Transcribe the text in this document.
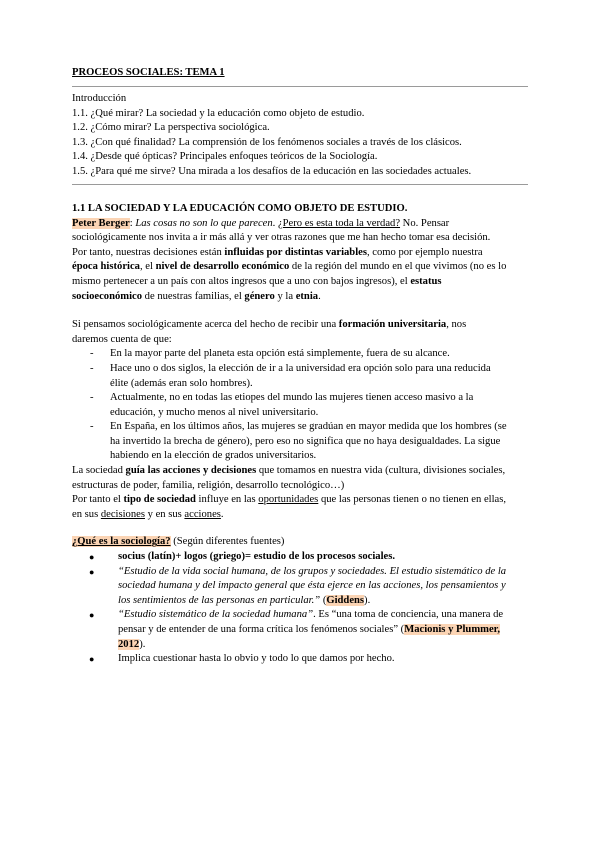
PROCEOS SOCIALES: TEMA 1
Introducción
1.1. ¿Qué mirar? La sociedad y la educación como objeto de estudio.
1.2. ¿Cómo mirar? La perspectiva sociológica.
1.3. ¿Con qué finalidad? La comprensión de los fenómenos sociales a través de los clásicos.
1.4. ¿Desde qué ópticas? Principales enfoques teóricos de la Sociología.
1.5. ¿Para qué me sirve? Una mirada a los desafíos de la educación en las sociedades actuales.
1.1 LA SOCIEDAD Y LA EDUCACIÓN COMO OBJETO DE ESTUDIO.
Peter Berger: Las cosas no son lo que parecen. ¿Pero es esta toda la verdad? No. Pensar
sociológicamente nos invita a ir más allá y ver otras razones que me han hecho tomar esa decisión.
Por tanto, nuestras decisiones están influidas por distintas variables, como por ejemplo nuestra
época histórica, el nivel de desarrollo económico de la región del mundo en el que vivimos (no es lo
mismo pertenecer a un país con altos ingresos que a uno con bajos ingresos), el estatus
socioeconómico de nuestras familias, el género y la etnia.
Si pensamos sociológicamente acerca del hecho de recibir una formación universitaria, nos
daremos cuenta de que:
- En la mayor parte del planeta esta opción está simplemente, fuera de su alcance.
- Hace uno o dos siglos, la elección de ir a la universidad era opción solo para una reducida
élite (además eran solo hombres).
- Actualmente, no en todas las etiopes del mundo las mujeres tienen acceso masivo a la
educación, y mucho menos al nivel universitario.
- En España, en los últimos años, las mujeres se gradúan en mayor medida que los hombres (se
ha invertido la brecha de género), pero eso no significa que no haya desigualdades. La sigue
habiendo en la elección de grados universitarios.
La sociedad guía las acciones y decisiones que tomamos en nuestra vida (cultura, divisiones sociales,
estructuras de poder, familia, religión, desarrollo tecnológico…)
Por tanto el tipo de sociedad influye en las oportunidades que las personas tienen o no tienen en ellas,
en sus decisiones y en sus acciones.
¿Qué es la sociología? (Según diferentes fuentes)
● socius (latín)+ logos (griego)= estudio de los procesos sociales.
● “Estudio de la vida social humana, de los grupos y sociedades. El estudio sistemático de la
sociedad humana y del impacto general que ésta ejerce en las acciones, los pensamientos y
los sentimientos de las personas en particular.” (Giddens).
● “Estudio sistemático de la sociedad humana”. Es “una toma de conciencia, una manera de
pensar y de entender de una forma crítica los fenómenos sociales” (Macionis y Plummer,
2012).
● Implica cuestionar hasta lo obvio y todo lo que damos por hecho.
